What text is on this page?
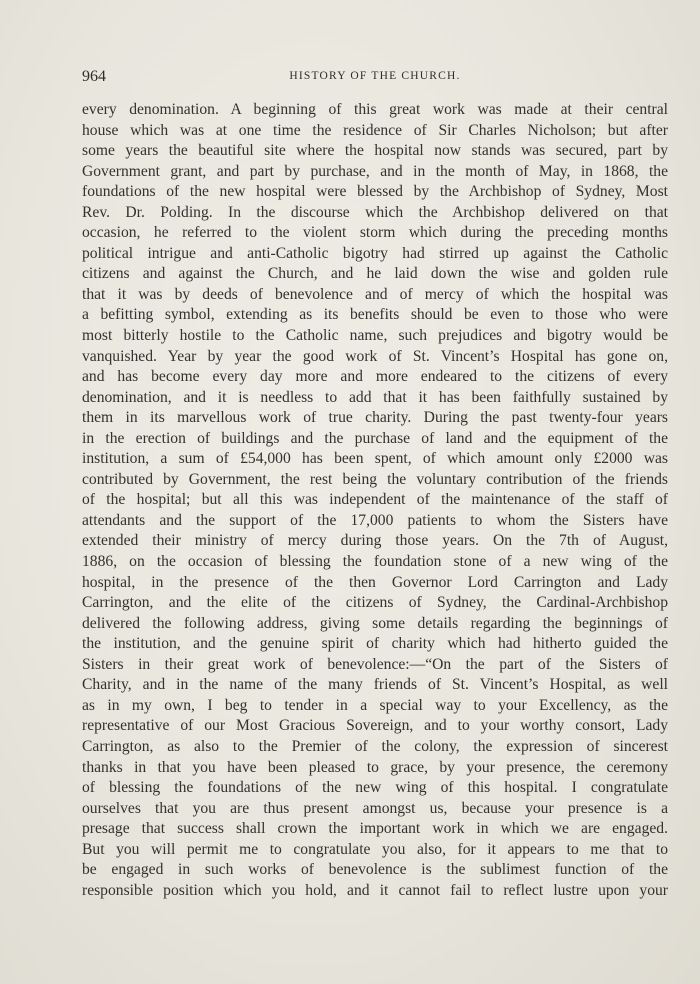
964	HISTORY OF THE CHURCH.
every denomination. A beginning of this great work was made at their central
house which was at one time the residence of Sir Charles Nicholson; but after
some years the beautiful site where the hospital now stands was secured, part by
Government grant, and part by purchase, and in the month of May, in 1868, the
foundations of the new hospital were blessed by the Archbishop of Sydney, Most
Rev. Dr. Polding. In the discourse which the Archbishop delivered on that
occasion, he referred to the violent storm which during the preceding months
political intrigue and anti-Catholic bigotry had stirred up against the Catholic
citizens and against the Church, and he laid down the wise and golden rule
that it was by deeds of benevolence and of mercy of which the hospital was
a befitting symbol, extending as its benefits should be even to those who were
most bitterly hostile to the Catholic name, such prejudices and bigotry would be
vanquished. Year by year the good work of St. Vincent’s Hospital has gone on,
and has become every day more and more endeared to the citizens of every
denomination, and it is needless to add that it has been faithfully sustained by
them in its marvellous work of true charity. During the past twenty-four years
in the erection of buildings and the purchase of land and the equipment of the
institution, a sum of £54,000 has been spent, of which amount only £2000 was
contributed by Government, the rest being the voluntary contribution of the friends
of the hospital; but all this was independent of the maintenance of the staff of
attendants and the support of the 17,000 patients to whom the Sisters have
extended their ministry of mercy during those years. On the 7th of August,
1886, on the occasion of blessing the foundation stone of a new wing of the
hospital, in the presence of the then Governor Lord Carrington and Lady
Carrington, and the elite of the citizens of Sydney, the Cardinal-Archbishop
delivered the following address, giving some details regarding the beginnings of
the institution, and the genuine spirit of charity which had hitherto guided the
Sisters in their great work of benevolence:—“On the part of the Sisters of
Charity, and in the name of the many friends of St. Vincent’s Hospital, as well
as in my own, I beg to tender in a special way to your Excellency, as the
representative of our Most Gracious Sovereign, and to your worthy consort, Lady
Carrington, as also to the Premier of the colony, the expression of sincerest
thanks in that you have been pleased to grace, by your presence, the ceremony
of blessing the foundations of the new wing of this hospital. I congratulate
ourselves that you are thus present amongst us, because your presence is a
presage that success shall crown the important work in which we are engaged.
But you will permit me to congratulate you also, for it appears to me that to
be engaged in such works of benevolence is the sublimest function of the
responsible position which you hold, and it cannot fail to reflect lustre upon your
